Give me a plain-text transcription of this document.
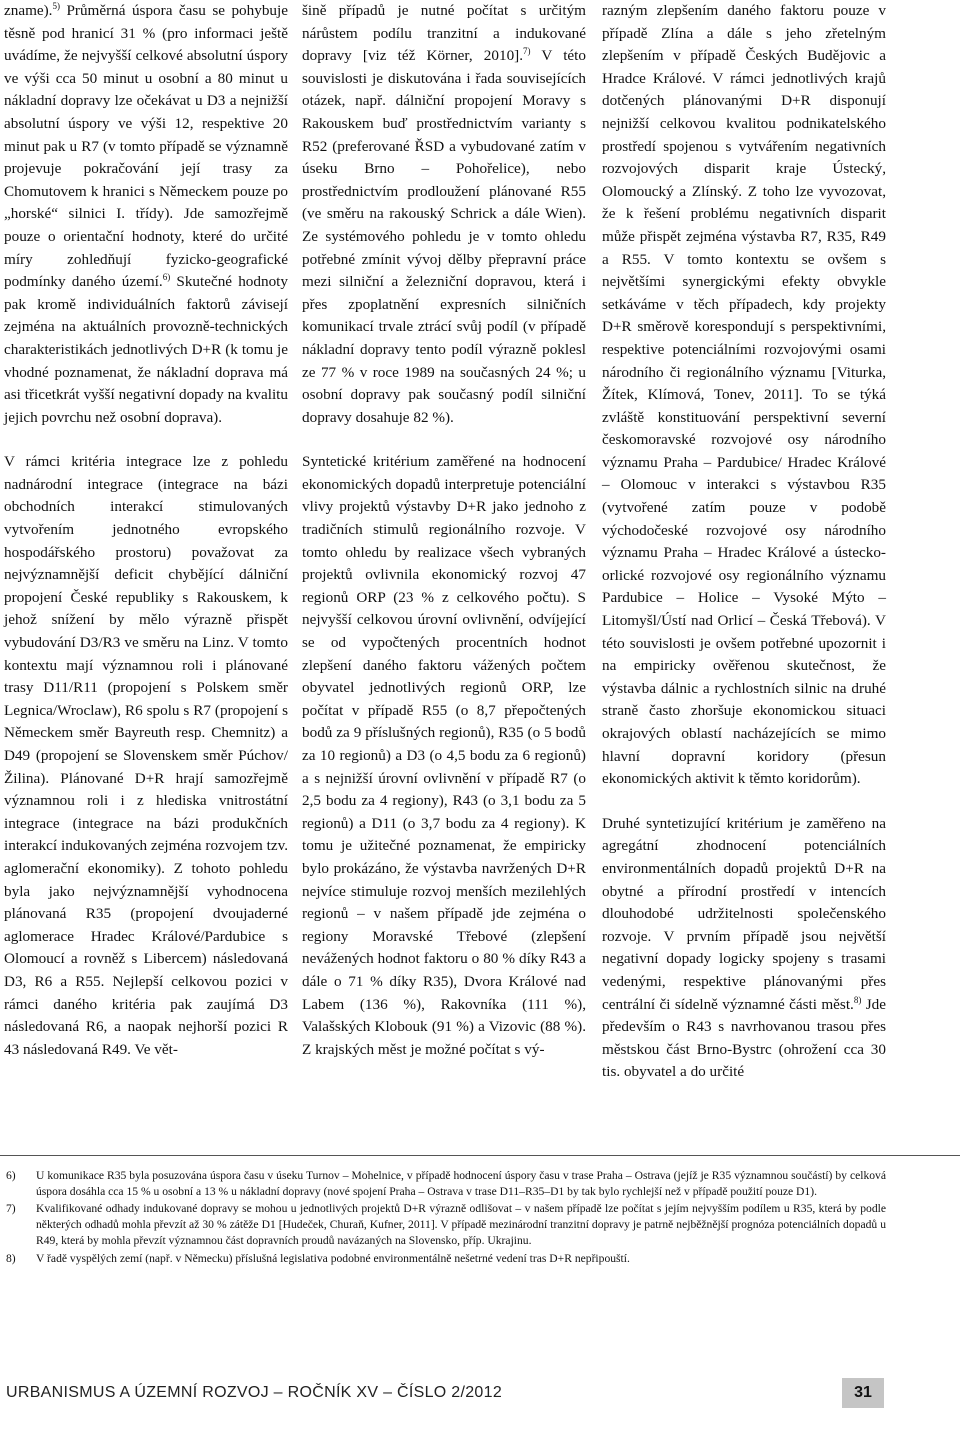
zname).$^{5)}$ Průměrná úspora času se pohybuje těsně pod hranicí 31 % (pro informaci ještě uvádíme, že nejvyšší celkové absolutní úspory ve výši cca 50 minut u osobní a 80 minut u nákladní dopravy lze očekávat u D3 a nejnižší absolutní úspory ve výši 12, respektive 20 minut pak u R7 (v tomto případě se významně projevuje pokračování její trasy za Chomutovem k hranici s Německem pouze po „horské“ silnici I. třídy). Jde samozřejmě pouze o orientační hodnoty, které do určité míry zohledňují fyzicko-geografické podmínky daného území.$^{6)}$ Skutečné hodnoty pak kromě individuálních faktorů závisejí zejména na aktuálních provozně-technických charakteristikách jednotlivých D+R (k tomu je vhodné poznamenat, že nákladní doprava má asi třicetkrát vyšší negativní dopady na kvalitu jejich povrchu než osobní doprava).

V rámci kritéria integrace lze z pohledu nadnárodní integrace (integrace na bázi obchodních interakcí stimulovaných vytvořením jednotného evropského hospodářského prostoru) považovat za nejvýznamnější deficit chybějící dálniční propojení České republiky s Rakouskem, k jehož snížení by mělo výrazně přispět vybudování D3/R3 ve směru na Linz. V tomto kontextu mají významnou roli i plánované trasy D11/R11 (propojení s Polskem směr Legnica/Wroclaw), R6 spolu s R7 (propojení s Německem směr Bayreuth resp. Chemnitz) a D49 (propojení se Slovenskem směr Púchov/Žilina). Plánované D+R hrají samozřejmě významnou roli i z hlediska vnitrostátní integrace (integrace na bázi produkčních interakcí indukovaných zejména rozvojem tzv. aglomerační ekonomiky). Z tohoto pohledu byla jako nejvýznamnější vyhodnocena plánovaná R35 (propojení dvoujaderné aglomerace Hradec Králové/Pardubice s Olomoucí a rovněž s Libercem) následovaná D3, R6 a R55. Nejlepší celkovou pozici v rámci daného kritéria pak zaujímá D3 následovaná R6, a naopak nejhorší pozici R 43 následovaná R49. Ve vět-

šině případů je nutné počítat s určitým nárůstem podílu tranzitní a indukované dopravy [viz též Körner, 2010].$^{7)}$ V této souvislosti je diskutována i řada souvisejících otázek, např. dálniční propojení Moravy s Rakouskem buď prostřednictvím varianty s R52 (preferované ŘSD a vybudované zatím v úseku Brno – Pohořelice), nebo prostřednictvím prodloužení plánované R55 (ve směru na rakouský Schrick a dále Wien). Ze systémového pohledu je v tomto ohledu potřebné zmínit vývoj dělby přepravní práce mezi silniční a železniční dopravou, která i přes zpoplatnění expresních silničních komunikací trvale ztrácí svůj podíl (v případě nákladní dopravy tento podíl výrazně poklesl ze 77 % v roce 1989 na současných 24 %; u osobní dopravy pak současný podíl silniční dopravy dosahuje 82 %).

Syntetické kritérium zaměřené na hodnocení ekonomických dopadů interpretuje potenciální vlivy projektů výstavby D+R jako jednoho z tradičních stimulů regionálního rozvoje. V tomto ohledu by realizace všech vybraných projektů ovlivnila ekonomický rozvoj 47 regionů ORP (23 % z celkového počtu). S nejvyšší celkovou úrovní ovlivnění, odvíjející se od vypočtených procentních hodnot zlepšení daného faktoru vážených počtem obyvatel jednotlivých regionů ORP, lze počítat v případě R55 (o 8,7 přepočtených bodů za 9 příslušných regionů), R35 (o 5 bodů za 10 regionů) a D3 (o 4,5 bodu za 6 regionů) a s nejnižší úrovní ovlivnění v případě R7 (o 2,5 bodu za 4 regiony), R43 (o 3,1 bodu za 5 regionů) a D11 (o 3,7 bodu za 4 regiony). K tomu je užitečné poznamenat, že empiricky bylo prokázáno, že výstavba navržených D+R nejvíce stimuluje rozvoj menších mezilehlých regionů – v našem případě jde zejména o regiony Moravské Třebové (zlepšení nevážených hodnot faktoru o 80 % díky R43 a dále o 71 % díky R35), Dvora Králové nad Labem (136 %), Rakovníka (111 %), Valašských Klobouk (91 %) a Vizovic (88 %). Z krajských měst je možné počítat s vý-

razným zlepšením daného faktoru pouze v případě Zlína a dále s jeho zřetelným zlepšením v případě Českých Budějovic a Hradce Králové. V rámci jednotlivých krajů dotčených plánovanými D+R disponují nejnižší celkovou kvalitou podnikatelského prostředí spojenou s vytvářením negativních rozvojových disparit kraje Ústecký, Olomoucký a Zlínský. Z toho lze vyvozovat, že k řešení problému negativních disparit může přispět zejména výstavba R7, R35, R49 a R55. V tomto kontextu se ovšem s největšími synergickými efekty obvykle setkáváme v těch případech, kdy projekty D+R směrově korespondují s perspektivními, respektive potenciálními rozvojovými osami národního či regionálního významu [Viturka, Žítek, Klímová, Tonev, 2011]. To se týká zvláště konstituování perspektivní severní českomoravské rozvojové osy národního významu Praha – Pardubice/ Hradec Králové – Olomouc v interakci s výstavbou R35 (vytvořené zatím pouze v podobě východočeské rozvojové osy národního významu Praha – Hradec Králové a ústecko-orlické rozvojové osy regionálního významu Pardubice – Holice – Vysoké Mýto – Litomyšl/Ústí nad Orlicí – Česká Třebová). V této souvislosti je ovšem potřebné upozornit i na empiricky ověřenou skutečnost, že výstavba dálnic a rychlostních silnic na druhé straně často zhoršuje ekonomickou situaci okrajových oblastí nacházejících se mimo hlavní dopravní koridory (přesun ekonomických aktivit k těmto koridorům).

Druhé syntetizující kritérium je zaměřeno na agregátní zhodnocení potenciálních environmentálních dopadů projektů D+R na obytné a přírodní prostředí v intencích dlouhodobé udržitelnosti společenského rozvoje. V prvním případě jsou největší negativní dopady logicky spojeny s trasami vedenými, respektive plánovanými přes centrální či sídelně významné části měst.$^{8)}$ Jde především o R43 s navrhovanou trasou přes městskou část Brno-Bystrc (ohrožení cca 30 tis. obyvatel a do určité

6)	U komunikace R35 byla posuzována úspora času v úseku Turnov – Mohelnice, v případě hodnocení úspory času v trase Praha – Ostrava (jejíž je R35 významnou součástí) by celková úspora dosáhla cca 15 % u osobní a 13 % u nákladní dopravy (nové spojení Praha – Ostrava v trase D11–R35–D1 by tak bylo rychlejší než v případě použití pouze D1).
7)	Kvalifikované odhady indukované dopravy se mohou u jednotlivých projektů D+R výrazně odlišovat – v našem případě lze počítat s jejím nejvyšším podílem u R35, která by podle některých odhadů mohla převzít až 30 % zátěže D1 [Hudeček, Churaň, Kufner, 2011]. V případě mezinárodní tranzitní dopravy je patrně nejběžnější prognóza potenciálních dopadů u R49, která by mohla převzít významnou část dopravních proudů navázaných na Slovensko, příp. Ukrajinu.
8)	V řadě vyspělých zemí (např. v Německu) příslušná legislativa podobné environmentálně nešetrné vedení tras D+R nepřipouští.
URBANISMUS A ÚZEMNÍ ROZVOJ – ROČNÍK XV – ČÍSLO 2/2012	31
